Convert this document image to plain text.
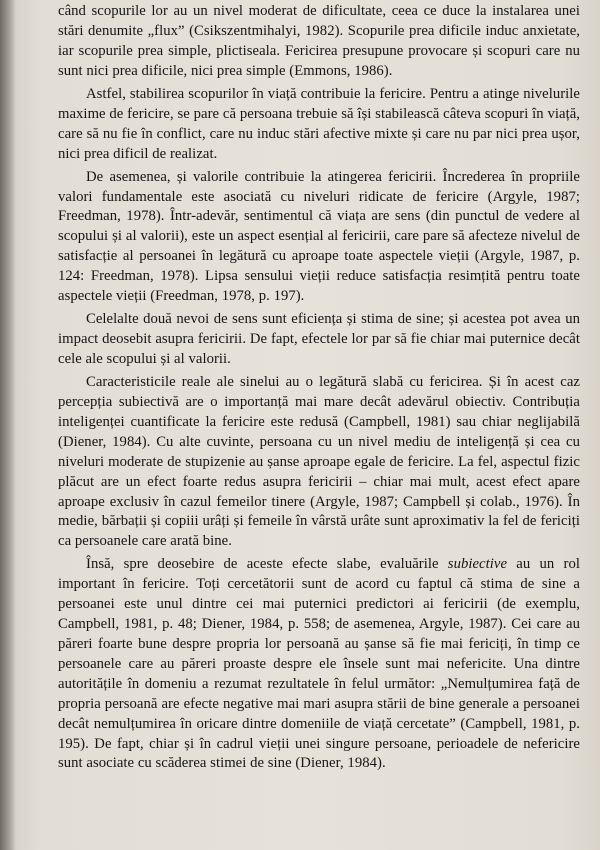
când scopurile lor au un nivel moderat de dificultate, ceea ce duce la instalarea unei stări denumite „flux” (Csikszentmihalyi, 1982). Scopurile prea dificile induc anxietate, iar scopurile prea simple, plictiseala. Fericirea presupune provocare și scopuri care nu sunt nici prea dificile, nici prea simple (Emmons, 1986).

Astfel, stabilirea scopurilor în viață contribuie la fericire. Pentru a atinge nivelurile maxime de fericire, se pare că persoana trebuie să își stabilească câteva scopuri în viață, care să nu fie în conflict, care nu induc stări afective mixte și care nu par nici prea ușor, nici prea dificil de realizat.

De asemenea, și valorile contribuie la atingerea fericirii. Încrederea în propriile valori fundamentale este asociată cu niveluri ridicate de fericire (Argyle, 1987; Freedman, 1978). Într-adevăr, sentimentul că viața are sens (din punctul de vedere al scopului și al valorii), este un aspect esențial al fericirii, care pare să afecteze nivelul de satisfacție al persoanei în legătură cu aproape toate aspectele vieții (Argyle, 1987, p. 124: Freedman, 1978). Lipsa sensului vieții reduce satisfacția resimțită pentru toate aspectele vieții (Freedman, 1978, p. 197).

Celelalte două nevoi de sens sunt eficiența și stima de sine; și acestea pot avea un impact deosebit asupra fericirii. De fapt, efectele lor par să fie chiar mai puternice decât cele ale scopului și al valorii.

Caracteristicile reale ale sinelui au o legătură slabă cu fericirea. Și în acest caz percepția subiectivă are o importanță mai mare decât adevărul obiectiv. Contribuția inteligenței cuantificate la fericire este redusă (Campbell, 1981) sau chiar neglijabilă (Diener, 1984). Cu alte cuvinte, persoana cu un nivel mediu de inteligență și cea cu niveluri moderate de stupizenie au șanse aproape egale de fericire. La fel, aspectul fizic plăcut are un efect foarte redus asupra fericirii – chiar mai mult, acest efect apare aproape exclusiv în cazul femeilor tinere (Argyle, 1987; Campbell și colab., 1976). În medie, bărbații și copiii urâți și femeile în vârstă urâte sunt aproximativ la fel de fericiți ca persoanele care arată bine.

Însă, spre deosebire de aceste efecte slabe, evaluările subiective au un rol important în fericire. Toți cercetătorii sunt de acord cu faptul că stima de sine a persoanei este unul dintre cei mai puternici predictori ai fericirii (de exemplu, Campbell, 1981, p. 48; Diener, 1984, p. 558; de asemenea, Argyle, 1987). Cei care au păreri foarte bune despre propria lor persoană au șanse să fie mai fericiți, în timp ce persoanele care au păreri proaste despre ele însele sunt mai nefericite. Una dintre autoritățile în domeniu a rezumat rezultatele în felul următor: „Nemulțumirea față de propria persoană are efecte negative mai mari asupra stării de bine generale a persoanei decât nemulțumirea în oricare dintre domeniile de viață cercetate” (Campbell, 1981, p. 195). De fapt, chiar și în cadrul vieții unei singure persoane, perioadele de nefericire sunt asociate cu scăderea stimei de sine (Diener, 1984).
